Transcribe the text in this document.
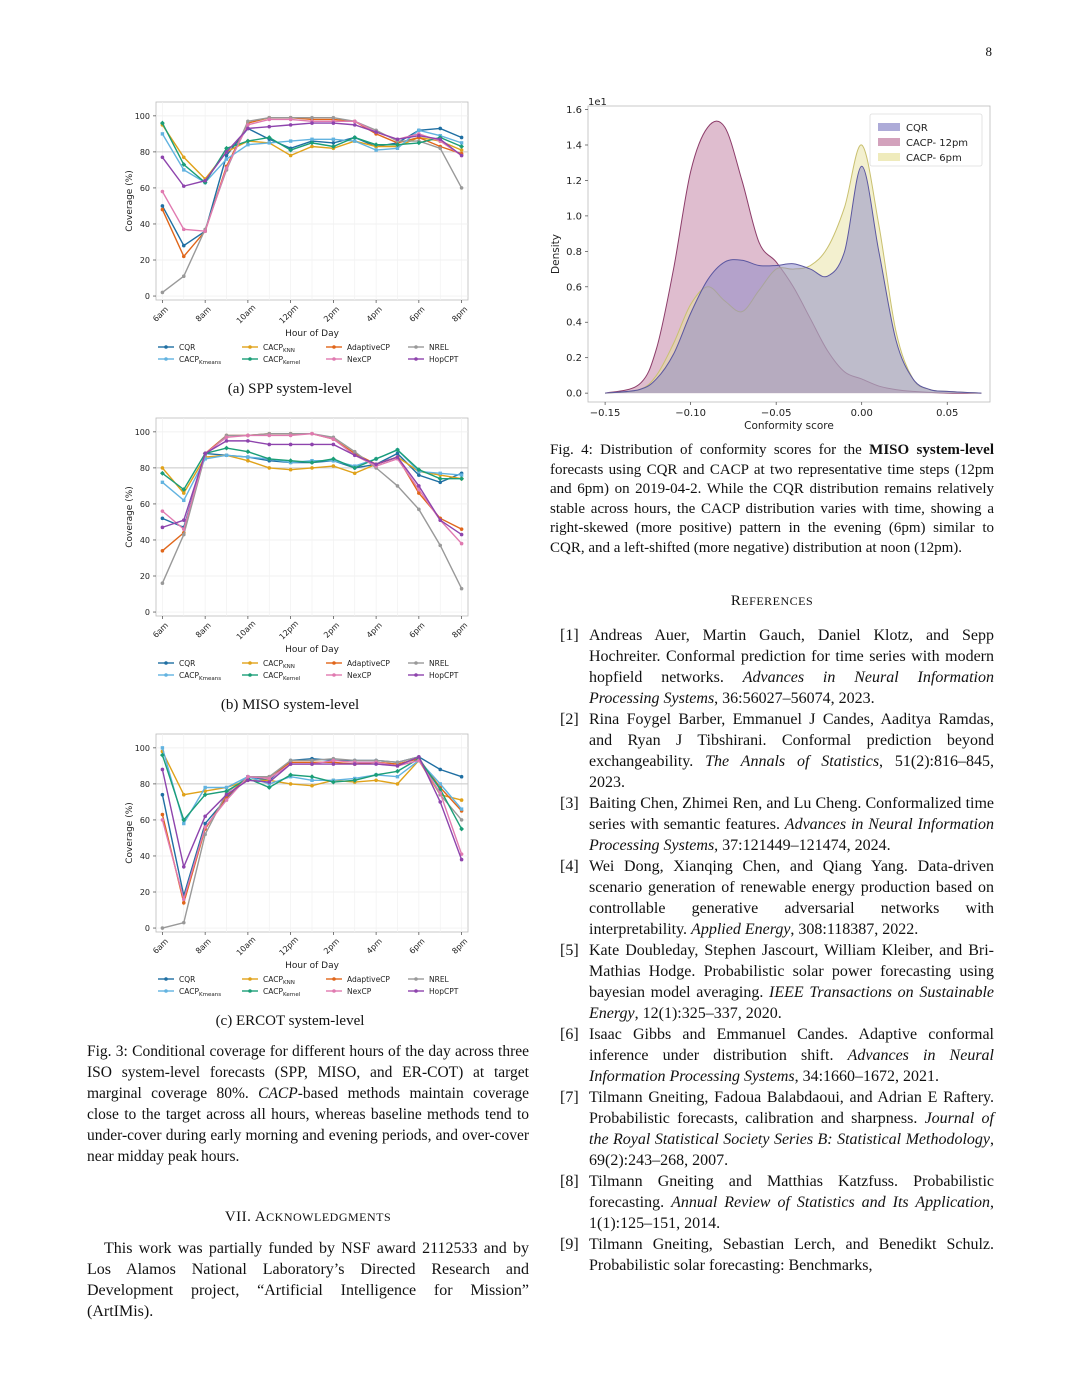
8
0
20
40
60
80
100
6am	8am	10am	12pm	2pm	4pm	6pm	8pm
Hour of Day
Coverage (%)
CQR	$CACP_{KNN}$	AdaptiveCP	NREL
$CACP_{Kmeans}$	$CACP_{Kernel}$	NexCP	HopCPT
(a) SPP system-level
0
20
40
60
80
100
6am	8am	10am	12pm	2pm	4pm	6pm	8pm
Hour of Day
Coverage (%)
CQR	$CACP_{KNN}$	AdaptiveCP	NREL
$CACP_{Kmeans}$	$CACP_{Kernel}$	NexCP	HopCPT
(b) MISO system-level
0
20
40
60
80
100
6am	8am	10am	12pm	2pm	4pm	6pm	8pm
Hour of Day
Coverage (%)
CQR	$CACP_{KNN}$	AdaptiveCP	NREL
$CACP_{Kmeans}$	$CACP_{Kernel}$	NexCP	HopCPT
(c) ERCOT system-level
Fig. 3: Conditional coverage for different hours of the day across three ISO system-level forecasts (SPP, MISO, and ER-COT) at target marginal coverage 80%. CACP-based methods maintain coverage close to the target across all hours, whereas baseline methods tend to under-cover during early morning and evening periods, and over-cover near midday peak hours.
VII. ACKNOWLEDGMENTS
This work was partially funded by NSF award 2112533 and by Los Alamos National Laboratory’s Directed Research and Development project, “Artificial Intelligence for Mission” (ArtIMis).
1e1
0.0
0.2
0.4
0.6
0.8
1.0
1.2
1.4
1.6
−0.15	−0.10	−0.05	0.00	0.05
Conformity score
Density
CQR
CACP- 12pm
CACP- 6pm
Fig. 4: Distribution of conformity scores for the MISO system-level forecasts using CQR and CACP at two representative time steps (12pm and 6pm) on 2019-04-2. While the CQR distribution remains relatively stable across hours, the CACP distribution varies with time, showing a right-skewed (more positive) pattern in the evening (6pm) similar to CQR, and a left-shifted (more negative) distribution at noon (12pm).
REFERENCES
[1] Andreas Auer, Martin Gauch, Daniel Klotz, and Sepp Hochreiter. Conformal prediction for time series with modern hopfield networks. Advances in Neural Information Processing Systems, 36:56027–56074, 2023.
[2] Rina Foygel Barber, Emmanuel J Candes, Aaditya Ramdas, and Ryan J Tibshirani. Conformal prediction beyond exchangeability. The Annals of Statistics, 51(2):816–845, 2023.
[3] Baiting Chen, Zhimei Ren, and Lu Cheng. Conformalized time series with semantic features. Advances in Neural Information Processing Systems, 37:121449–121474, 2024.
[4] Wei Dong, Xianqing Chen, and Qiang Yang. Data-driven scenario generation of renewable energy production based on controllable generative adversarial networks with interpretability. Applied Energy, 308:118387, 2022.
[5] Kate Doubleday, Stephen Jascourt, William Kleiber, and Bri-Mathias Hodge. Probabilistic solar power forecasting using bayesian model averaging. IEEE Transactions on Sustainable Energy, 12(1):325–337, 2020.
[6] Isaac Gibbs and Emmanuel Candes. Adaptive conformal inference under distribution shift. Advances in Neural Information Processing Systems, 34:1660–1672, 2021.
[7] Tilmann Gneiting, Fadoua Balabdaoui, and Adrian E Raftery. Probabilistic forecasts, calibration and sharpness. Journal of the Royal Statistical Society Series B: Statistical Methodology, 69(2):243–268, 2007.
[8] Tilmann Gneiting and Matthias Katzfuss. Probabilistic forecasting. Annual Review of Statistics and Its Application, 1(1):125–151, 2014.
[9] Tilmann Gneiting, Sebastian Lerch, and Benedikt Schulz. Probabilistic solar forecasting: Benchmarks,
